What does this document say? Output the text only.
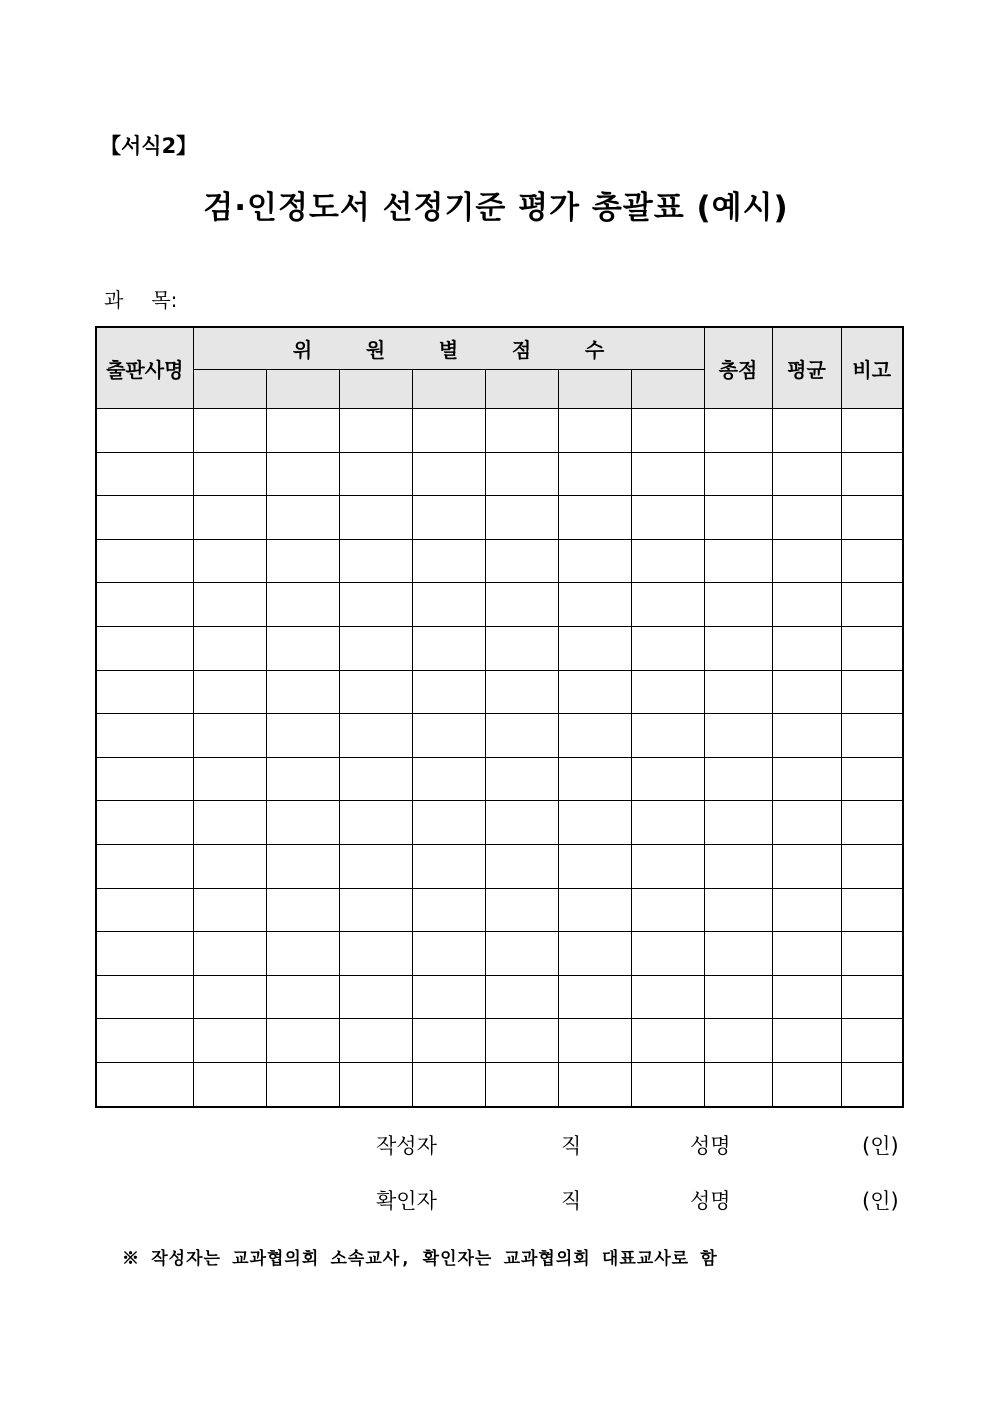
【서식2】
검·인정도서 선정기준 평가 총괄표 (예시)
과 목:
출판사명	위 원 별 점 수							총점	평균	비고

작성자	직	성명	(인)
확인자	직	성명	(인)
※ 작성자는 교과협의회 소속교사, 확인자는 교과협의회 대표교사로 함
